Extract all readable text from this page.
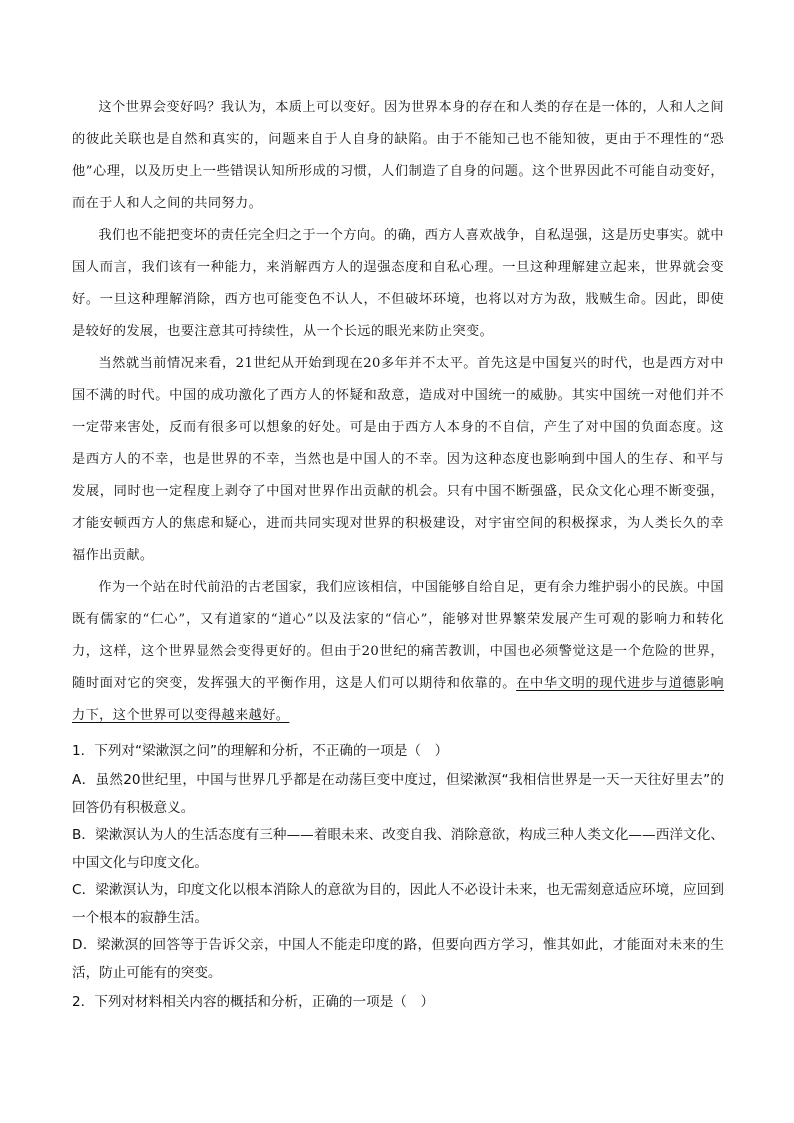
这个世界会变好吗？我认为，本质上可以变好。因为世界本身的存在和人类的存在是一体的，人和人之间的彼此关联也是自然和真实的，问题来自于人自身的缺陷。由于不能知己也不能知彼，更由于不理性的“恐他”心理，以及历史上一些错误认知所形成的习惯，人们制造了自身的问题。这个世界因此不可能自动变好，而在于人和人之间的共同努力。

我们也不能把变坏的责任完全归之于一个方向。的确，西方人喜欢战争，自私逞强，这是历史事实。就中国人而言，我们该有一种能力，来消解西方人的逞强态度和自私心理。一旦这种理解建立起来，世界就会变好。一旦这种理解消除，西方也可能变色不认人，不但破坏环境，也将以对方为敌，戕贼生命。因此，即使是较好的发展，也要注意其可持续性，从一个长远的眼光来防止突变。

当然就当前情况来看，21世纪从开始到现在20多年并不太平。首先这是中国复兴的时代，也是西方对中国不满的时代。中国的成功激化了西方人的怀疑和敌意，造成对中国统一的威胁。其实中国统一对他们并不一定带来害处，反而有很多可以想象的好处。可是由于西方人本身的不自信，产生了对中国的负面态度。这是西方人的不幸，也是世界的不幸，当然也是中国人的不幸。因为这种态度也影响到中国人的生存、和平与发展，同时也一定程度上剥夺了中国对世界作出贡献的机会。只有中国不断强盛，民众文化心理不断变强，才能安顿西方人的焦虑和疑心，进而共同实现对世界的积极建设，对宇宙空间的积极探求，为人类长久的幸福作出贡献。

作为一个站在时代前沿的古老国家，我们应该相信，中国能够自给自足，更有余力维护弱小的民族。中国既有儒家的“仁心”，又有道家的“道心”以及法家的“信心”，能够对世界繁荣发展产生可观的影响力和转化力，这样，这个世界显然会变得更好的。但由于20世纪的痛苦教训，中国也必须警觉这是一个危险的世界，随时面对它的突变，发挥强大的平衡作用，这是人们可以期待和依靠的。在中华文明的现代进步与道德影响力下，这个世界可以变得越来越好。

1．下列对“梁漱溟之问”的理解和分析，不正确的一项是（　）

A．虽然20世纪里，中国与世界几乎都是在动荡巨变中度过，但梁漱溟“我相信世界是一天一天往好里去”的回答仍有积极意义。

B．梁漱溟认为人的生活态度有三种——着眼未来、改变自我、消除意欲，构成三种人类文化——西洋文化、中国文化与印度文化。

C．梁漱溟认为，印度文化以根本消除人的意欲为目的，因此人不必设计未来，也无需刻意适应环境，应回到一个根本的寂静生活。

D．梁漱溟的回答等于告诉父亲，中国人不能走印度的路，但要向西方学习，惟其如此，才能面对未来的生活，防止可能有的突变。

2．下列对材料相关内容的概括和分析，正确的一项是（　）
